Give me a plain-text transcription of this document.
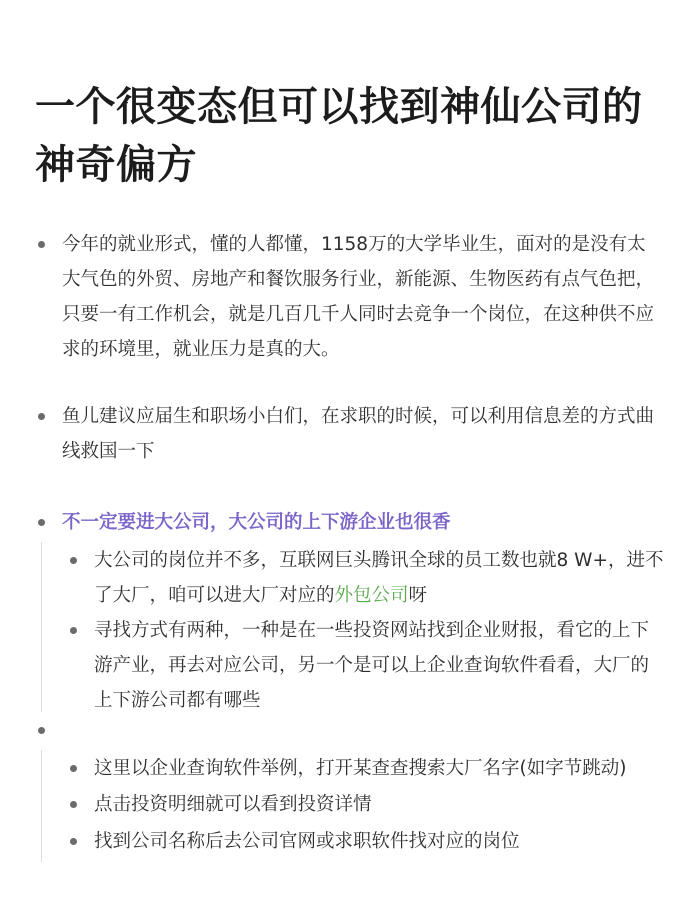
一个很变态但可以找到神仙公司的神奇偏方

今年的就业形式，懂的人都懂，1158万的大学毕业生，面对的是没有太大气色的外贸、房地产和餐饮服务行业，新能源、生物医药有点气色把，只要一有工作机会，就是几百几千人同时去竞争一个岗位，在这种供不应求的环境里，就业压力是真的大。

鱼儿建议应届生和职场小白们，在求职的时候，可以利用信息差的方式曲线救国一下

不一定要进大公司，大公司的上下游企业也很香

大公司的岗位并不多，互联网巨头腾讯全球的员工数也就8 W+，进不了大厂，咱可以进大厂对应的外包公司呀

寻找方式有两种，一种是在一些投资网站找到企业财报，看它的上下游产业，再去对应公司，另一个是可以上企业查询软件看看，大厂的上下游公司都有哪些

这里以企业查询软件举例，打开某查查搜索大厂名字(如字节跳动)

点击投资明细就可以看到投资详情

找到公司名称后去公司官网或求职软件找对应的岗位
